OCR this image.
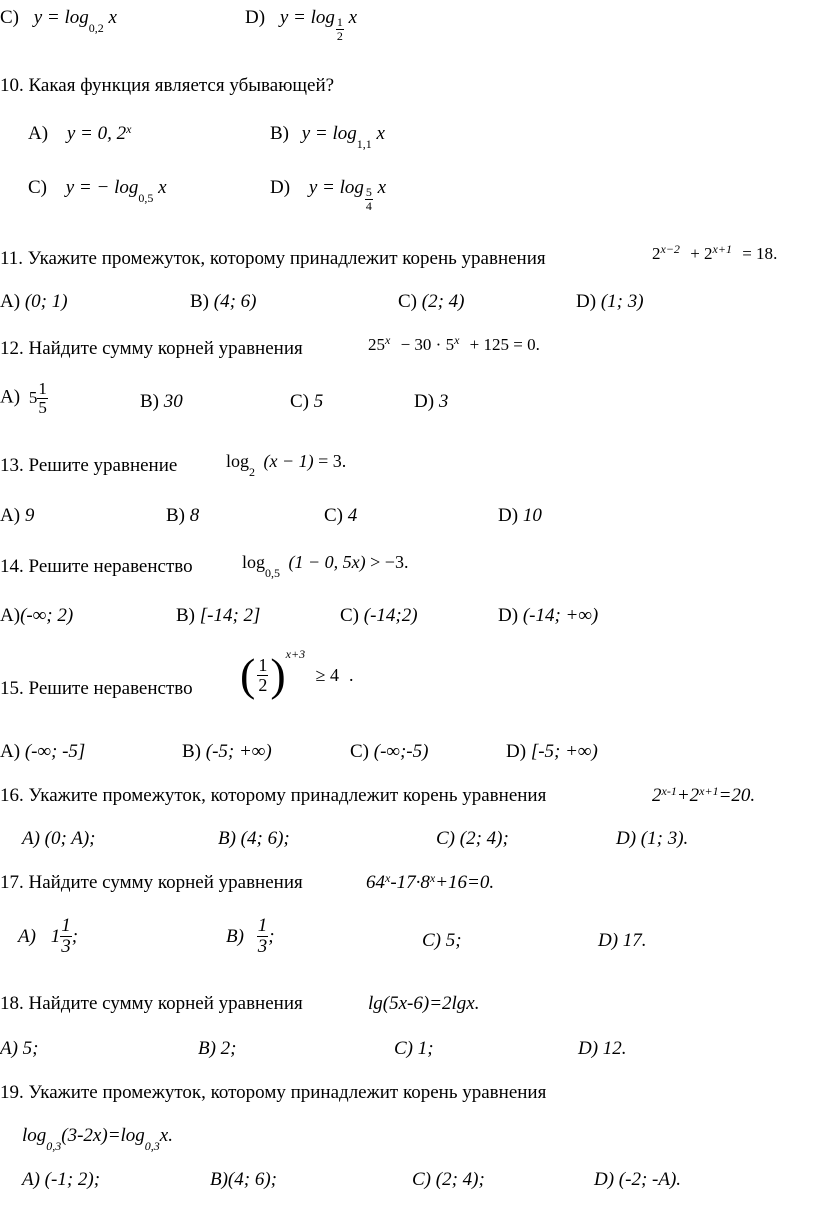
C) $y = \log_{0,2} x$	D) $y = \log \frac{1}{2}$ x
10. Какая функция является убывающей?
A) y = 0, 2$^x$	B) $y = \log_{1,1} x$
C) y = − $\log_{0,5} x$	D) $y = \log \frac{5}{4}$ x
11. Укажите промежуток, которому принадлежит корень уравнения	$2^{x-2} + 2^{x+1} = 18$.
A) (0; 1)	B) (4; 6)	C) (2; 4)	D) (1; 3)
12. Найдите сумму корней уравнения	$25^x - 30 \cdot 5^x + 125 = 0$.
A) $5 \frac{1}{5}$	B) 30	C) 5	D) 3
13. Решите уравнение	$\log_2 (x - 1) = 3$.
A) 9	B) 8	C) 4	D) 10
14. Решите неравенство	$\log_{0,5} (1 - 0$, 5x) > −3.
A)(-∞; 2)	B) [-14; 2]	C) (-14;2)	D) (-14; +∞)
15. Решите неравенство ( $\frac{1}{2} )^{x+3} \ge 4$ .
A) (-∞; -5]	B) (-5; +∞)	C) (-∞;-5)	D) [-5; +∞)
16. Укажите промежуток, которому принадлежит корень уравнения	$2^{x-1}+2^{x+1}=20$.
A) (0; A);	B) (4; 6);	C) (2; 4);	D) (1; 3).
17. Найдите сумму корней уравнения	$64^x-17\cdot 8^x+16=0$.
A) $1 \frac{1}{3}$ ;	$B) \frac{1}{3}$ ;	C) 5;	D) 17.
18. Найдите сумму корней уравнения	lg(5x-6)=2lgx.
A) 5;	B) 2;	C) 1;	D) 12.
19. Укажите промежуток, которому принадлежит корень уравнения
$\log_{0,3}(3-2x)=\log_{0,3}x$.
A) (-1; 2);	B)(4; 6);	C) (2; 4);	D) (-2; -A).
